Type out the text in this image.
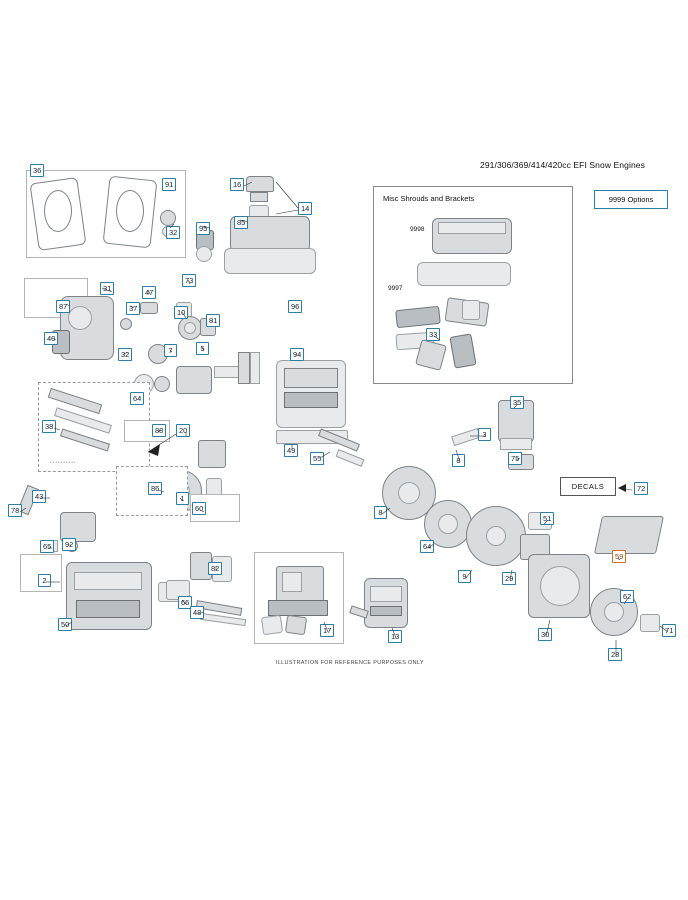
291/306/369/414/420cc EFI Snow Engines
9999 Options
Misc Shrouds and Brackets
9998
9997
DECALS
* * * * * * * * * *
36
91	16
14
85
95
32
31
87	37
47
73
10
81
96
40
32	7	5
94
64
38	88	20
49
55
35
3
8	75
43
78
86
1
60	8
72
65	92
2
82
51
59
50
66
48
17
13
64
9	29
30
62
28
71
33
ILLUSTRATION FOR REFERENCE PURPOSES ONLY
